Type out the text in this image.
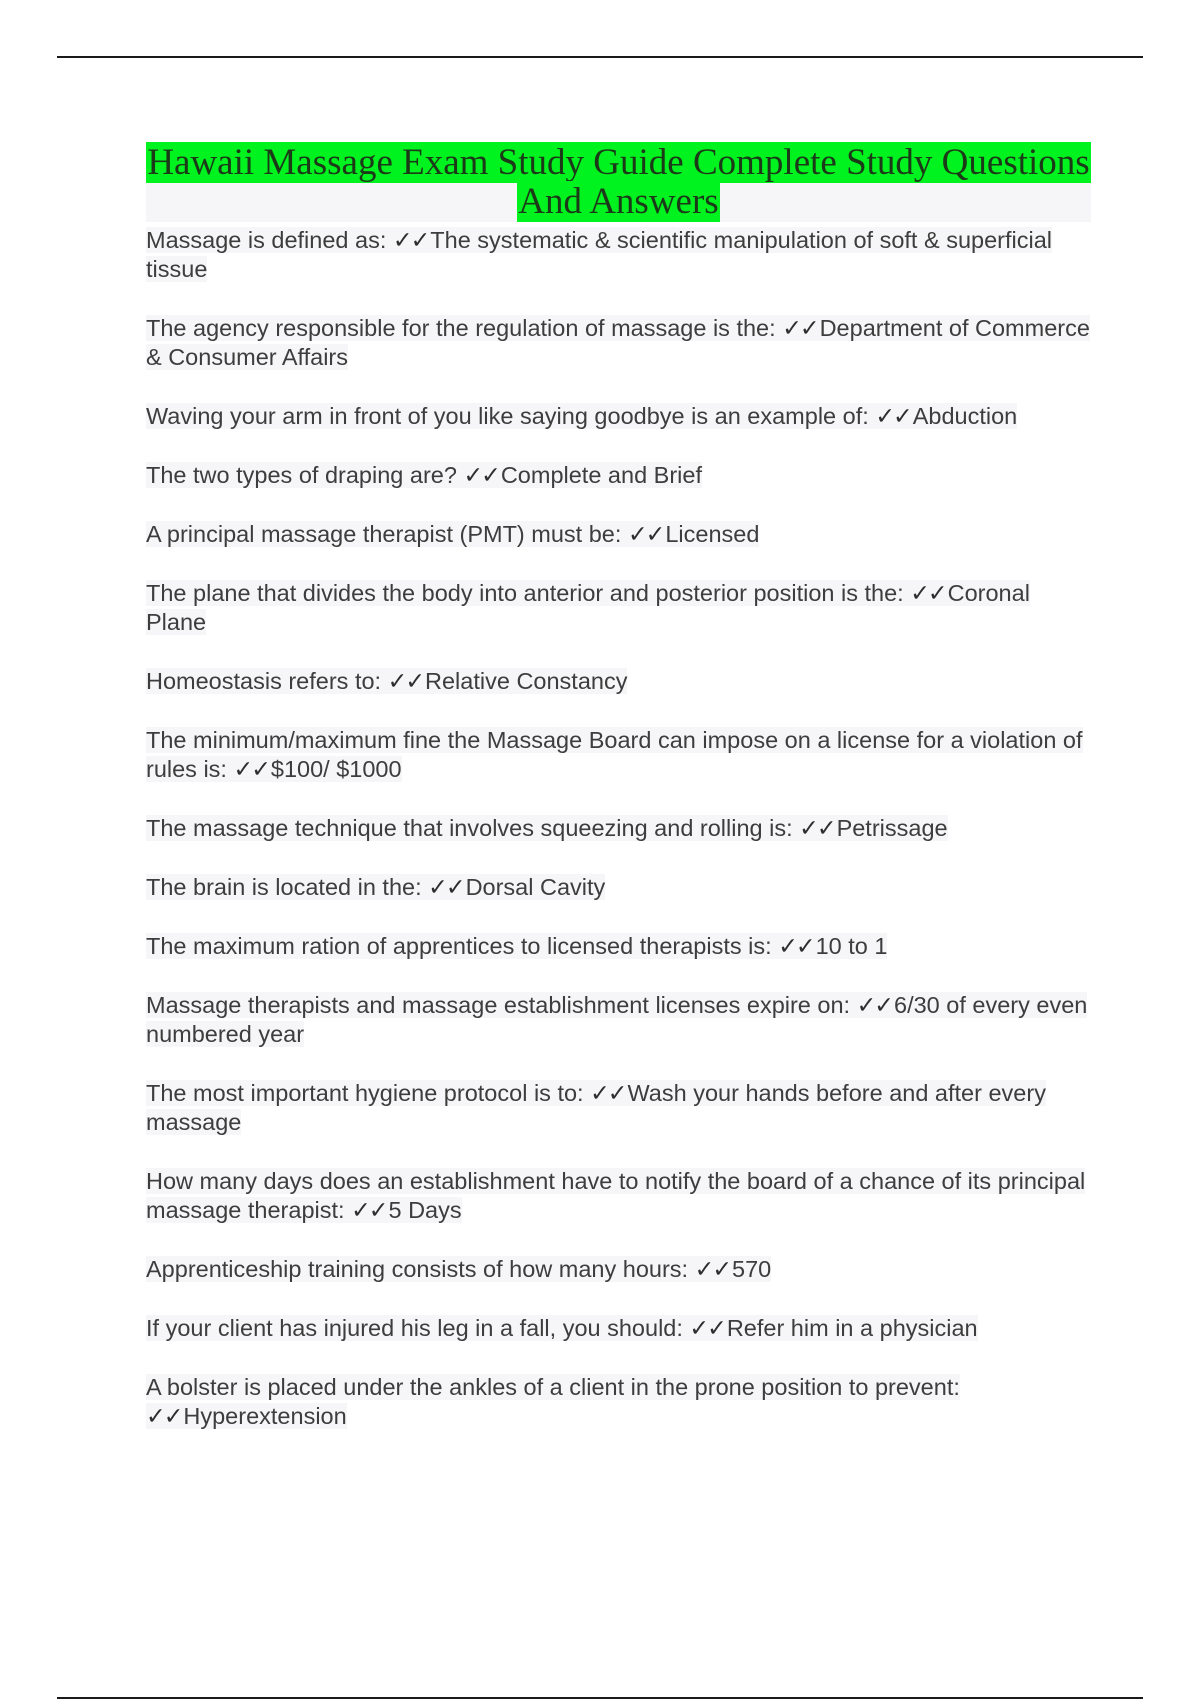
Hawaii Massage Exam Study Guide Complete Study Questions And Answers
Massage is defined as: ✓✓The systematic & scientific manipulation of soft & superficial tissue
The agency responsible for the regulation of massage is the: ✓✓Department of Commerce & Consumer Affairs
Waving your arm in front of you like saying goodbye is an example of: ✓✓Abduction
The two types of draping are? ✓✓Complete and Brief
A principal massage therapist (PMT) must be: ✓✓Licensed
The plane that divides the body into anterior and posterior position is the: ✓✓Coronal Plane
Homeostasis refers to: ✓✓Relative Constancy
The minimum/maximum fine the Massage Board can impose on a license for a violation of rules is: ✓✓$100/ $1000
The massage technique that involves squeezing and rolling is: ✓✓Petrissage
The brain is located in the: ✓✓Dorsal Cavity
The maximum ration of apprentices to licensed therapists is: ✓✓10 to 1
Massage therapists and massage establishment licenses expire on: ✓✓6/30 of every even numbered year
The most important hygiene protocol is to: ✓✓Wash your hands before and after every massage
How many days does an establishment have to notify the board of a chance of its principal massage therapist: ✓✓5 Days
Apprenticeship training consists of how many hours: ✓✓570
If your client has injured his leg in a fall, you should: ✓✓Refer him in a physician
A bolster is placed under the ankles of a client in the prone position to prevent: ✓✓Hyperextension
